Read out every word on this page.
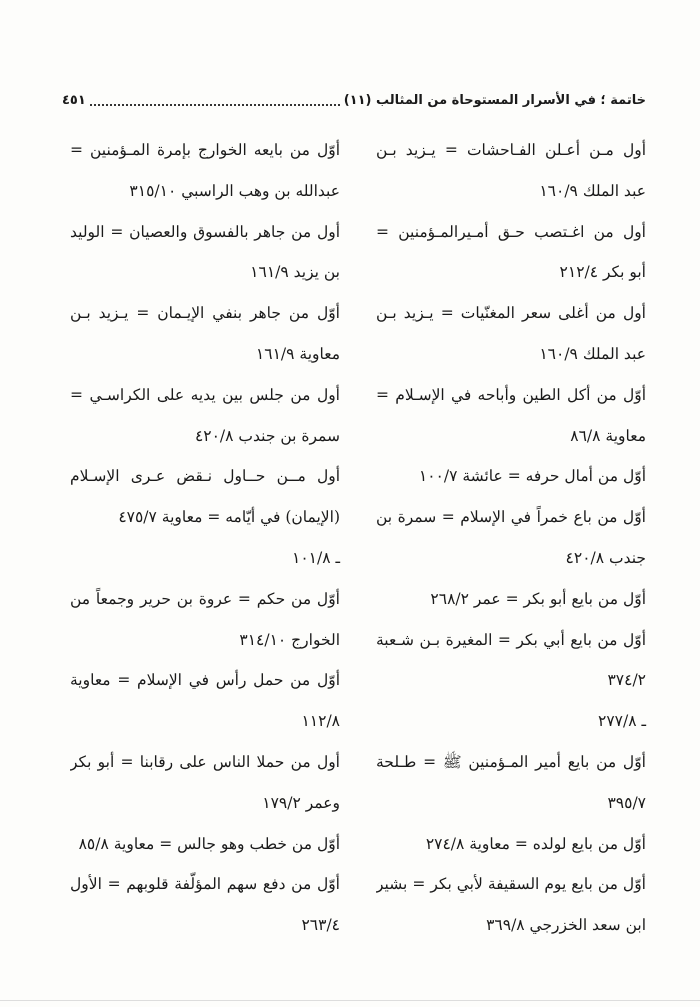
خاتمة ؛ في الأسرار المستوحاة من المثالب (١١)
٤٥١
أول مـن أعـلن الفـاحشات = يـزيد بـن
عبد الملك ١٦٠/٩
أول من اغـتصب حـق أمـيرالمـؤمنين =
أبو بكر ٢١٢/٤
أول من أغلى سعر المغنّيات = يـزيد بـن
عبد الملك ١٦٠/٩
أوّل من أكل الطين وأباحه في الإسـلام =
معاوية ٨٦/٨
أوّل من أمال حرفه = عائشة ١٠٠/٧
أوّل من باع خمراً في الإسلام = سمرة بن
جندب ٤٢٠/٨
أوّل من بايع أبو بكر = عمر ٢٦٨/٢
أوّل من بايع أبي بكر = المغيرة بـن شـعبة
٣٧٤/٢
ـ ٢٧٧/٨
أوّل من بايع أمير المـؤمنين ﷺ = طـلحة
٣٩٥/٧
أوّل من بايع لولده = معاوية ٢٧٤/٨
أوّل من بايع يوم السقيفة لأبي بكر = بشير
ابن سعد الخزرجي ٣٦٩/٨
أوّل من بايعه الخوارج بإمرة المـؤمنين =
عبدالله بن وهب الراسبي ٣١٥/١٠
أول من جاهر بالفسوق والعصيان = الوليد
بن يزيد ١٦١/٩
أوّل من جاهر بنفي الإيـمان = يـزيد بـن
معاوية ١٦١/٩
أول من جلس بين يديه على الكراسـي =
سمرة بن جندب ٤٢٠/٨
أول مــن حــاول نـقض عـرى الإسـلام
(الإيمان) في أيّامه = معاوية ٤٧٥/٧
ـ ١٠١/٨
أوّل من حكم = عروة بن حرير وجمعاً من
الخوارج ٣١٤/١٠
أوّل من حمل رأس في الإسلام = معاوية
١١٢/٨
أول من حملا الناس على رقابنا = أبو بكر
وعمر ١٧٩/٢
أوّل من خطب وهو جالس = معاوية ٨٥/٨
أوّل من دفع سهم المؤلّفة قلوبهم = الأول
٢٦٣/٤
